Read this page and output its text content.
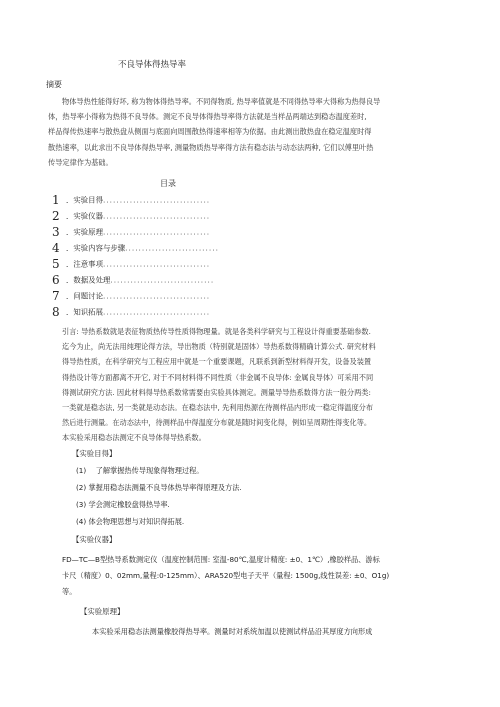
不良导体得热导率
摘要
物体导热性能得好坏, 称为物体得热导率。不同得物质, 热导率值就是不同得热导率大得称为热得良导
体，热导率小得称为热得不良导体。测定不良导体得热导率得方法就是当样品两端达到稳态温度差时,
样品得传热速率与散热盘从侧面与底面向周围散热得速率相等为依据。由此测出散热盘在稳定温度时得
散热速率，以此求出不良导体得热导率, 测量物质热导率得方法有稳态法与动态法两种, 它们以傅里叶热
传导定律作为基础。
目录
1 ．实验目得................................
2 ．实验仪器................................
3 ．实验原理................................
4 ．实验内容与步骤............................
5 ．注意事项................................
6 ．数据及处理...............................
7 ．问题讨论................................
8 ．知识拓展................................
引言: 导热系数就是表征物质热传导性质得物理量。就是各类科学研究与工程设计得重要基础参数.
迄今为止，尚无法用纯理论得方法，导出物质（特别就是固体）导热系数得精确计算公式. 研究材料
得导热性质，在科学研究与工程应用中就是一个重要课题，凡联系到新型材料得开发，设备及装置
得热设计等方面都离不开它, 对于不同材料得不同性质（非金属不良导体: 金属良导体）可采用不同
得测试研究方法. 因此材料得导热系数常需要由实验具体测定。测量导导热系数得方法一般分两类:
一类就是稳态法, 另一类就是动态法。在稳态法中, 先利用热源在待测样品内形成一稳定得温度分布
然后进行测量。在动态法中，待测样品中得温度分布就是随时间变化得，例如呈周期性得变化等。
本实验采用稳态法测定不良导体得导热系数。
【实验目得】
(1)　 了解掌握热传导现象得物理过程。
(2) 掌握用稳态法测量不良导体热导率得原理及方法.
(3) 学会测定橡胶盘得热导率.
(4) 体会物理思想与对知识得拓展.
【实验仪器】
FD—TC—B型热导系数测定仪（温度控制范围: 室温-80℃,温度计精度: ±0、1℃）,橡胶样品、游标
卡尺（精度）0、02mm,量程:0-125mm）、ARA520型电子天平（量程: 1500g,线性误差: ±0、O1g)
等。
【实验原理】
本实验采用稳态法测量橡胶得热导率。测量时对系统加温以使测试样品沿其厚度方向形成
